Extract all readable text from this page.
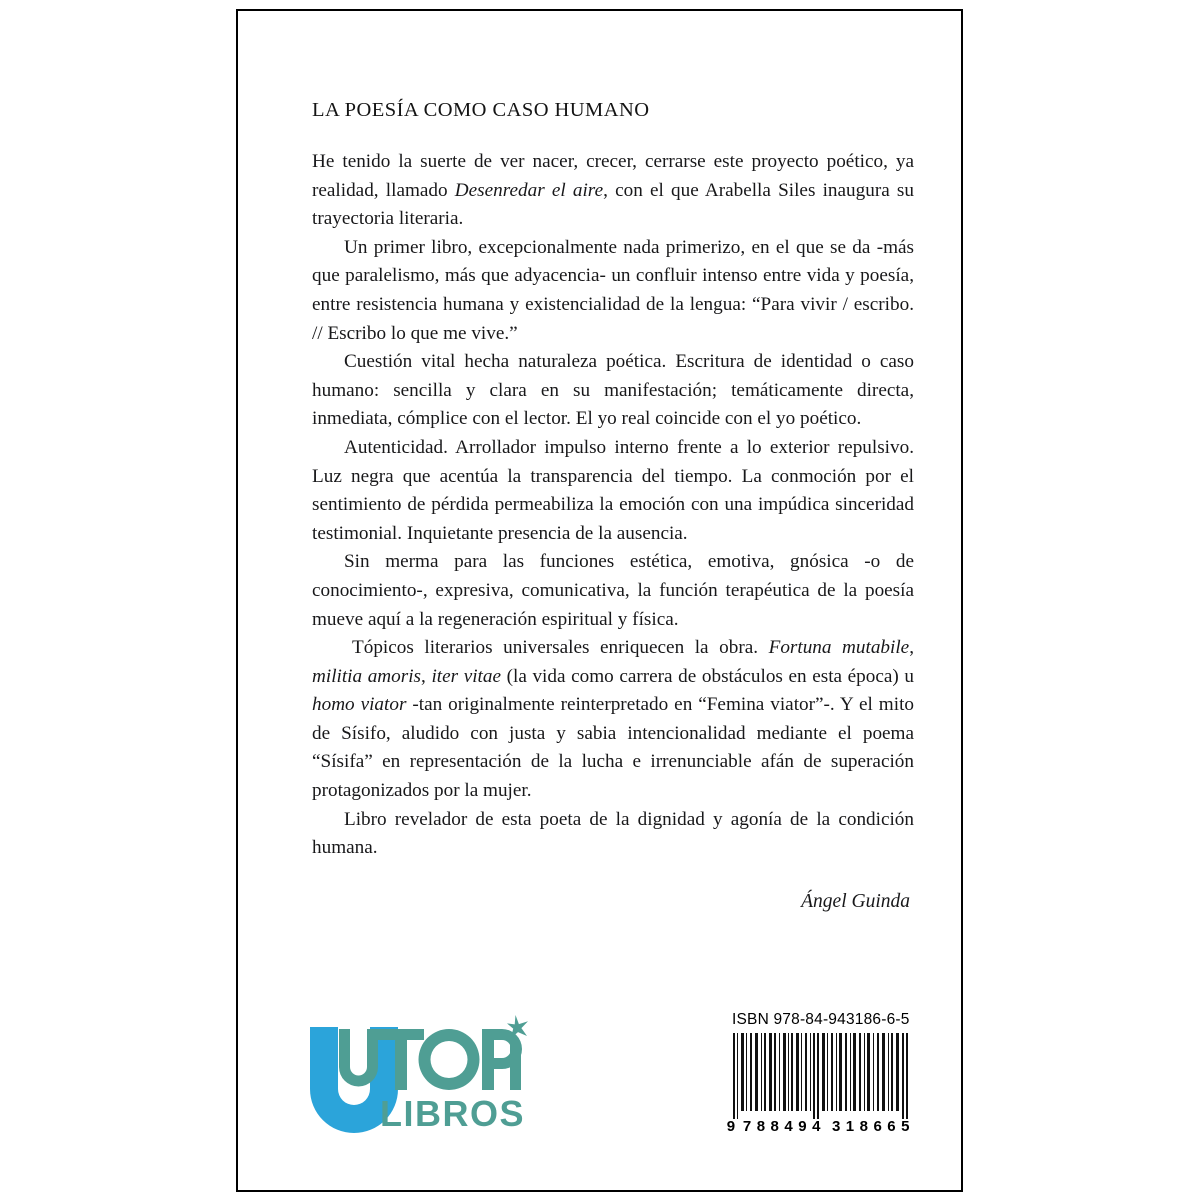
LA POESÍA COMO CASO HUMANO

He tenido la suerte de ver nacer, crecer, cerrarse este proyecto poético, ya realidad, llamado Desenredar el aire, con el que Arabella Siles inaugura su trayectoria literaria.

Un primer libro, excepcionalmente nada primerizo, en el que se da -más que paralelismo, más que adyacencia- un confluir intenso entre vida y poesía, entre resistencia humana y existencialidad de la lengua: “Para vivir / escribo. // Escribo lo que me vive.”

Cuestión vital hecha naturaleza poética. Escritura de identidad o caso humano: sencilla y clara en su manifestación; temáticamente directa, inmediata, cómplice con el lector. El yo real coincide con el yo poético.

Autenticidad. Arrollador impulso interno frente a lo exterior repulsivo. Luz negra que acentúa la transparencia del tiempo. La conmoción por el sentimiento de pérdida permeabiliza la emoción con una impúdica sinceridad testimonial. Inquietante presencia de la ausencia.

Sin merma para las funciones estética, emotiva, gnósica -o de conocimiento-, expresiva, comunicativa, la función terapéutica de la poesía mueve aquí a la regeneración espiritual y física.

Tópicos literarios universales enriquecen la obra. Fortuna mutabile, militia amoris, iter vitae (la vida como carrera de obstáculos en esta época) u homo viator -tan originalmente reinterpretado en “Femina viator”-. Y el mito de Sísifo, aludido con justa y sabia intencionalidad mediante el poema “Sísifa” en representación de la lucha e irrenunciable afán de superación protagonizados por la mujer.

Libro revelador de esta poeta de la dignidad y agonía de la condición humana.

Ángel Guinda
LIBROS
ISBN 978-84-943186-6-5
9 788494 318665
